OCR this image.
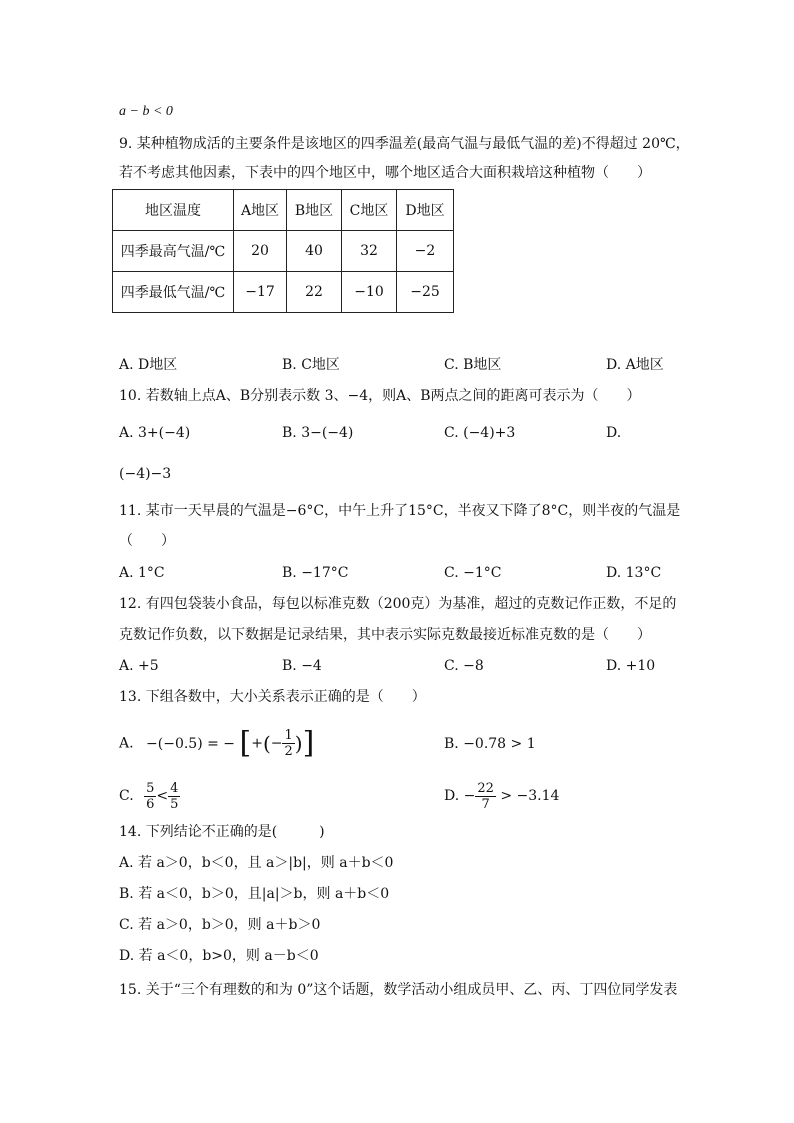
a − b < 0
9. 某种植物成活的主要条件是该地区的四季温差(最高气温与最低气温的差)不得超过 20℃，
若不考虑其他因素，下表中的四个地区中，哪个地区适合大面积栽培这种植物（　　）
地区温度	A地区	B地区	C地区	D地区
四季最高气温/℃	20	40	32	−2
四季最低气温/℃	−17	22	−10	−25
A. D地区	B. C地区	C. B地区	D. A地区
10. 若数轴上点A、B分别表示数 3、−4，则A、B两点之间的距离可表示为（　　）
A. 3+(−4)	B. 3−(−4)	C. (−4)+3	D.
(−4)−3
11. 某市一天早晨的气温是−6°C，中午上升了15°C，半夜又下降了8°C，则半夜的气温是
（　　）
A. 1°C	B. −17°C	C. −1°C	D. 13°C
12. 有四包袋装小食品，每包以标准克数（200克）为基准，超过的克数记作正数，不足的
克数记作负数，以下数据是记录结果，其中表示实际克数最接近标准克数的是（　　）
A. +5	B. −4	C. −8	D. +10
13. 下组各数中，大小关系表示正确的是（　　）
A. −(−0.5) = − [+(− $\frac{1}{2}$ )]	B. −0.78 > 1
C. $\frac{5}{6} < \frac{4}{5}$	D. − $\frac{22}{7} > -3.14$
14. 下列结论不正确的是(　　　)
A. 若 a＞0，b＜0，且 a＞|b|，则 a＋b＜0
B. 若 a＜0，b＞0，且|a|＞b，则 a＋b＜0
C. 若 a＞0，b＞0，则 a＋b＞0
D. 若 a＜0，b>0，则 a－b＜0
15. 关于“三个有理数的和为 0”这个话题，数学活动小组成员甲、乙、丙、丁四位同学发表
